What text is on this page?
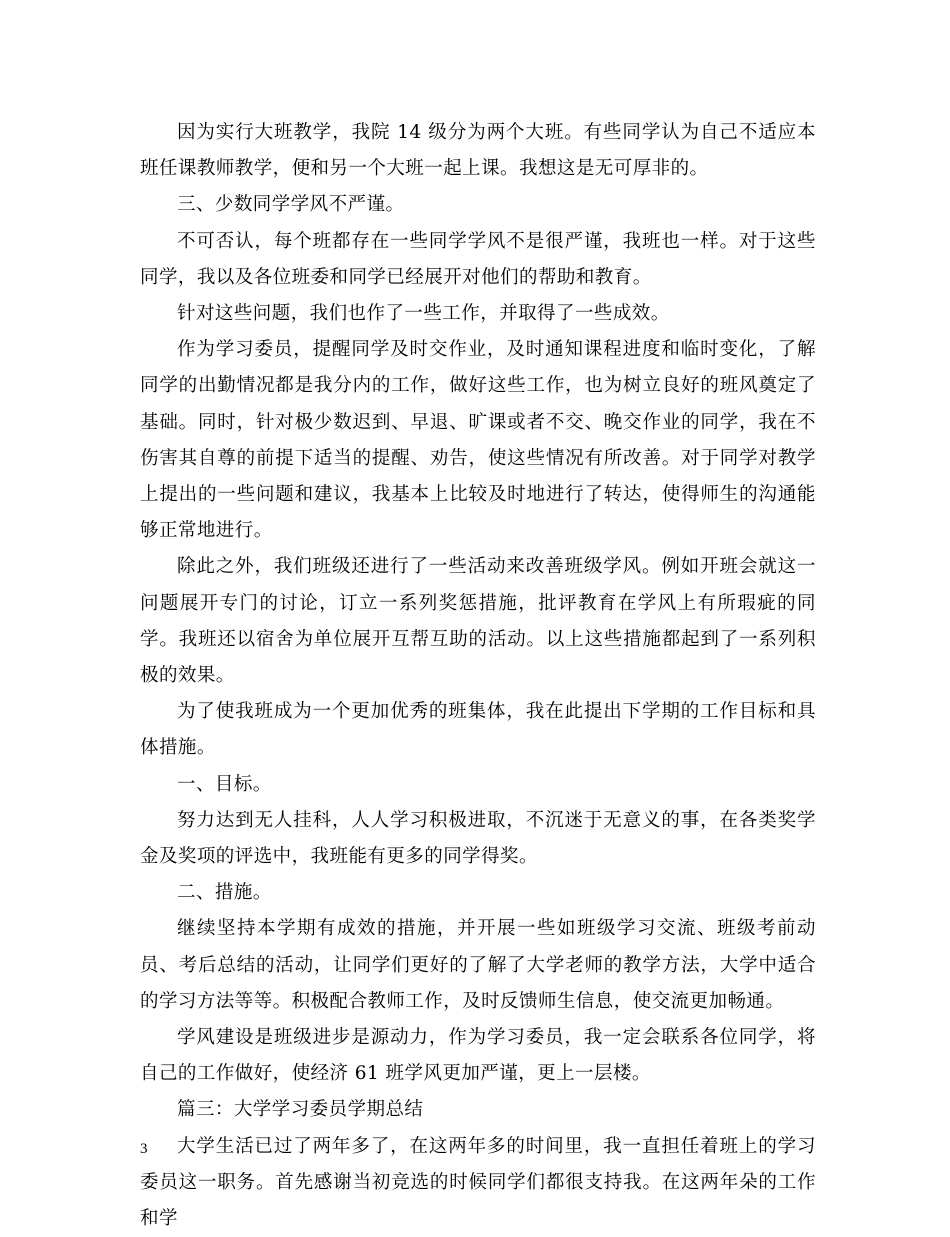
因为实行大班教学，我院 14 级分为两个大班。有些同学认为自己不适应本班任课教师教学，便和另一个大班一起上课。我想这是无可厚非的。

三、少数同学学风不严谨。

不可否认，每个班都存在一些同学学风不是很严谨，我班也一样。对于这些同学，我以及各位班委和同学已经展开对他们的帮助和教育。

针对这些问题，我们也作了一些工作，并取得了一些成效。

作为学习委员，提醒同学及时交作业，及时通知课程进度和临时变化，了解同学的出勤情况都是我分内的工作，做好这些工作，也为树立良好的班风奠定了基础。同时，针对极少数迟到、早退、旷课或者不交、晚交作业的同学，我在不伤害其自尊的前提下适当的提醒、劝告，使这些情况有所改善。对于同学对教学上提出的一些问题和建议，我基本上比较及时地进行了转达，使得师生的沟通能够正常地进行。

除此之外，我们班级还进行了一些活动来改善班级学风。例如开班会就这一问题展开专门的讨论，订立一系列奖惩措施，批评教育在学风上有所瑕疵的同学。我班还以宿舍为单位展开互帮互助的活动。以上这些措施都起到了一系列积极的效果。

为了使我班成为一个更加优秀的班集体，我在此提出下学期的工作目标和具体措施。

一、目标。

努力达到无人挂科，人人学习积极进取，不沉迷于无意义的事，在各类奖学金及奖项的评选中，我班能有更多的同学得奖。

二、措施。

继续坚持本学期有成效的措施，并开展一些如班级学习交流、班级考前动员、考后总结的活动，让同学们更好的了解了大学老师的教学方法，大学中适合的学习方法等等。积极配合教师工作，及时反馈师生信息，使交流更加畅通。

学风建设是班级进步是源动力，作为学习委员，我一定会联系各位同学，将自己的工作做好，使经济 61 班学风更加严谨，更上一层楼。

篇三：大学学习委员学期总结

大学生活已过了两年多了，在这两年多的时间里，我一直担任着班上的学习委员这一职务。首先感谢当初竞选的时候同学们都很支持我。在这两年朵的工作和学

3
